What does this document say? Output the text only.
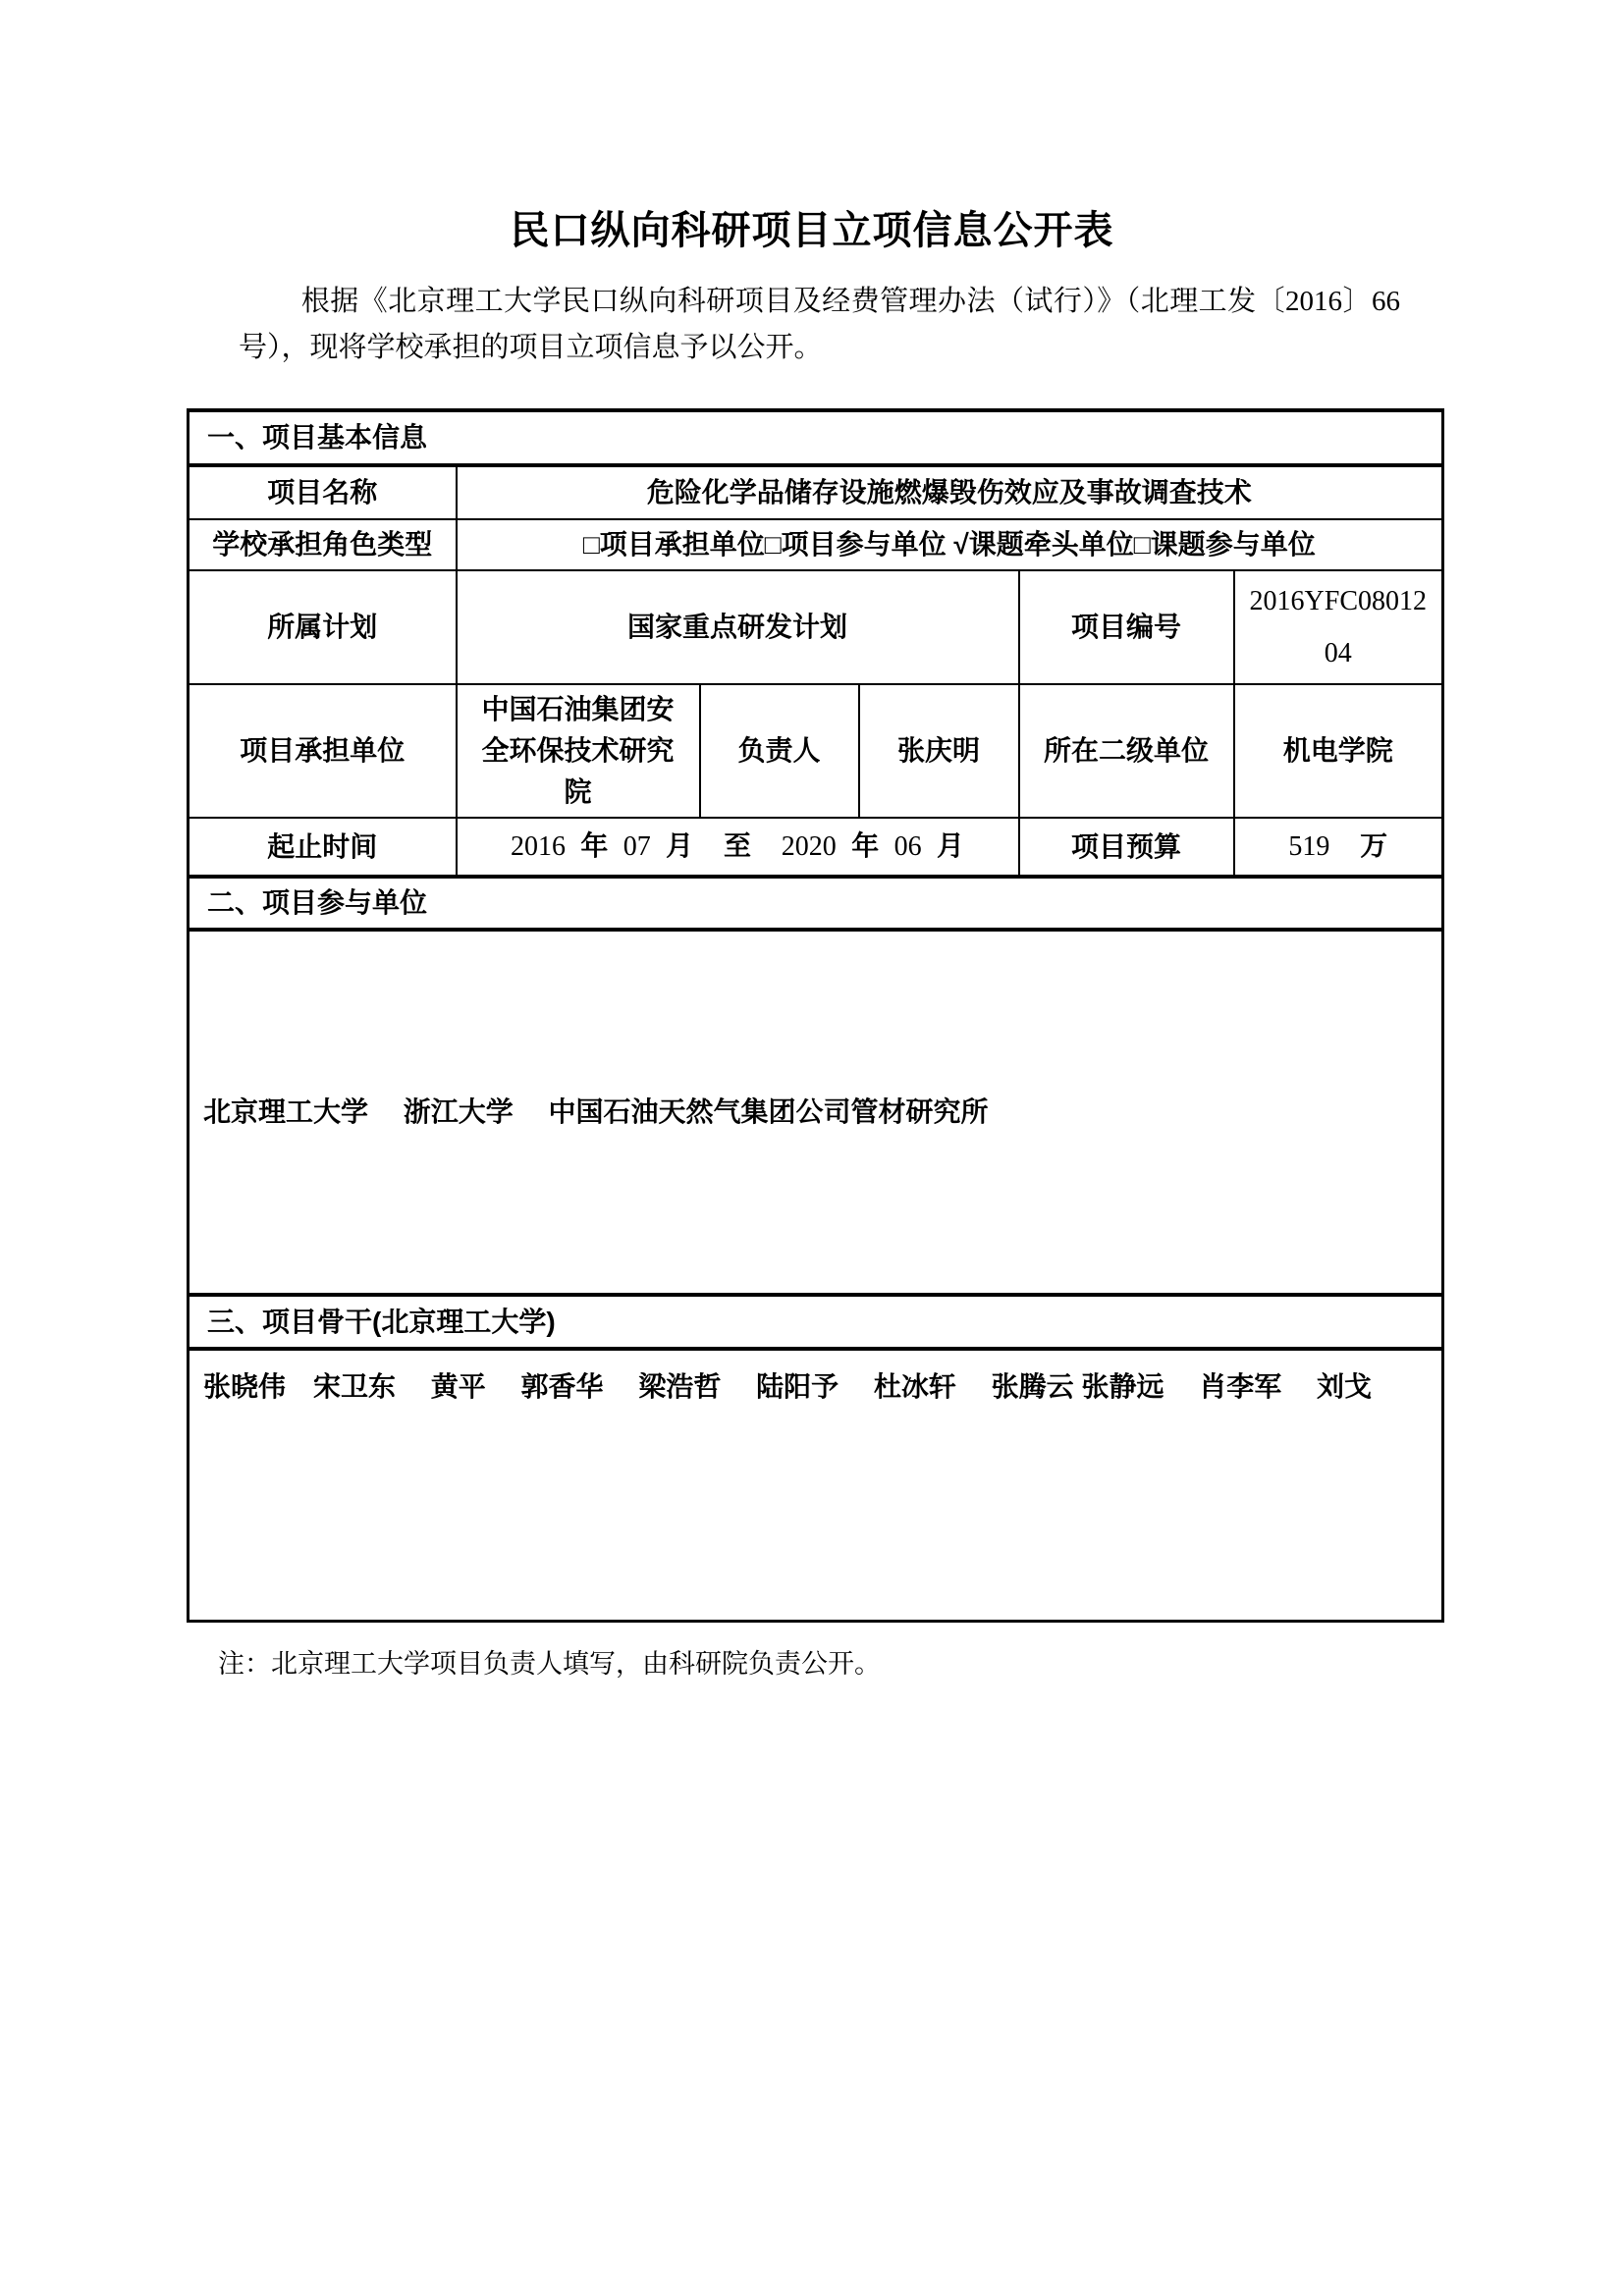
民口纵向科研项目立项信息公开表

根据《北京理工大学民口纵向科研项目及经费管理办法（试行）》（北理工发〔2016〕66 号），现将学校承担的项目立项信息予以公开。

一、项目基本信息					
项目名称	危险化学品储存设施燃爆毁伤效应及事故调查技术				
学校承担角色类型	□项目承担单位□项目参与单位 √课题牵头单位□课题参与单位				
所属计划	国家重点研发计划			项目编号	2016YFC0801204
项目承担单位	中国石油集团安全环保技术研究院	负责人	张庆明	所在二级单位	机电学院
起止时间	2016 年 07 月 至 2020 年 06 月			项目预算	519 万
二、项目参与单位					
北京理工大学　 浙江大学　 中国石油天然气集团公司管材研究所					
三、项目骨干(北京理工大学)					
张晓伟　宋卫东　 黄平　 郭香华　 梁浩哲　 陆阳予　 杜冰轩　 张腾云 张静远　 肖李军　 刘戈					

注：北京理工大学项目负责人填写，由科研院负责公开。
